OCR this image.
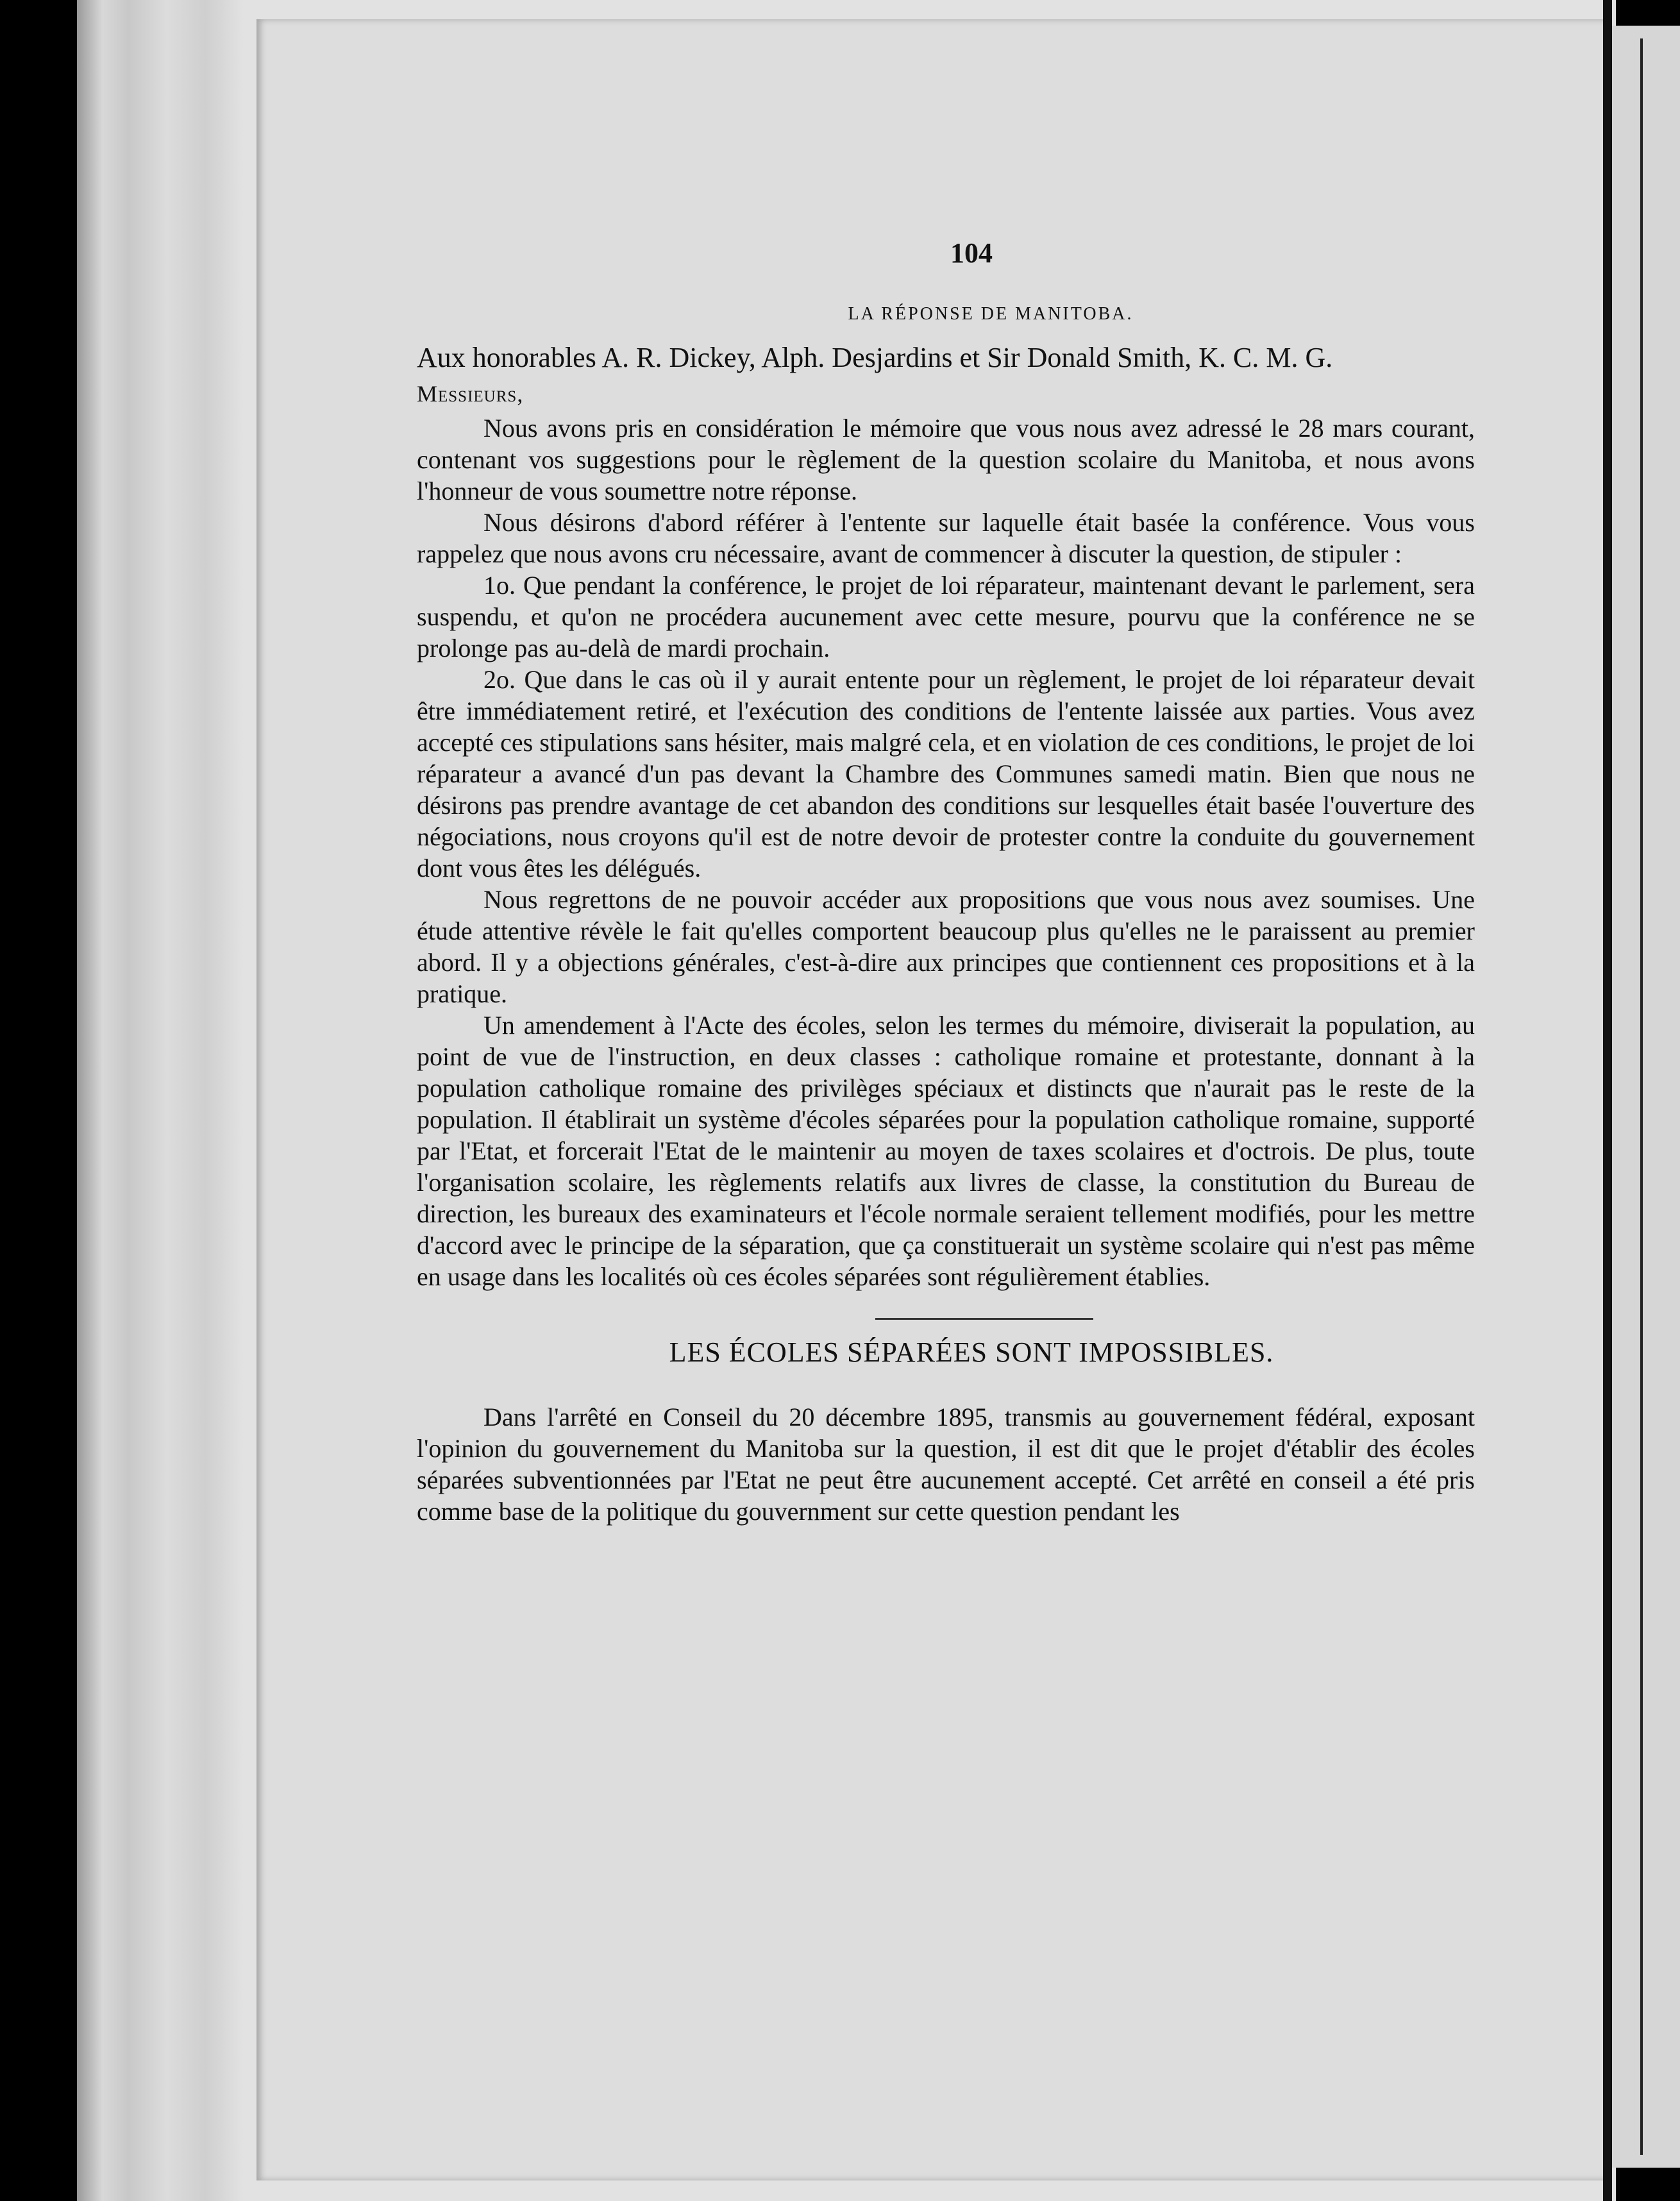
104
LA RÉPONSE DE MANITOBA.

Aux honorables A. R. Dickey, Alph. Desjardins et Sir Donald Smith, K. C. M. G.

Messieurs,

Nous avons pris en considération le mémoire que vous nous avez adressé le 28 mars courant, contenant vos suggestions pour le règlement de la question scolaire du Manitoba, et nous avons l'honneur de vous soumettre notre réponse.

Nous désirons d'abord référer à l'entente sur laquelle était basée la conférence. Vous vous rappelez que nous avons cru nécessaire, avant de commencer à discuter la question, de stipuler :

1o. Que pendant la conférence, le projet de loi réparateur, maintenant devant le parlement, sera suspendu, et qu'on ne procédera aucunement avec cette mesure, pourvu que la conférence ne se prolonge pas au-delà de mardi prochain.

2o. Que dans le cas où il y aurait entente pour un règlement, le projet de loi réparateur devait être immédiatement retiré, et l'exécution des conditions de l'entente laissée aux parties. Vous avez accepté ces stipulations sans hésiter, mais malgré cela, et en violation de ces conditions, le projet de loi réparateur a avancé d'un pas devant la Chambre des Communes samedi matin. Bien que nous ne désirons pas prendre avantage de cet abandon des conditions sur lesquelles était basée l'ouverture des négociations, nous croyons qu'il est de notre devoir de protester contre la conduite du gouvernement dont vous êtes les délégués.

Nous regrettons de ne pouvoir accéder aux propositions que vous nous avez soumises. Une étude attentive révèle le fait qu'elles comportent beaucoup plus qu'elles ne le paraissent au premier abord. Il y a objections générales, c'est-à-dire aux principes que contiennent ces propositions et à la pratique.

Un amendement à l'Acte des écoles, selon les termes du mémoire, diviserait la population, au point de vue de l'instruction, en deux classes : catholique romaine et protestante, donnant à la population catholique romaine des privilèges spéciaux et distincts que n'aurait pas le reste de la population. Il établirait un système d'écoles séparées pour la population catholique romaine, supporté par l'Etat, et forcerait l'Etat de le maintenir au moyen de taxes scolaires et d'octrois. De plus, toute l'organisation scolaire, les règlements relatifs aux livres de classe, la constitution du Bureau de direction, les bureaux des examinateurs et l'école normale seraient tellement modifiés, pour les mettre d'accord avec le principe de la séparation, que ça constituerait un système scolaire qui n'est pas même en usage dans les localités où ces écoles séparées sont régulièrement établies.

LES ÉCOLES SÉPARÉES SONT IMPOSSIBLES.

Dans l'arrêté en Conseil du 20 décembre 1895, transmis au gouvernement fédéral, exposant l'opinion du gouvernement du Manitoba sur la question, il est dit que le projet d'établir des écoles séparées subventionnées par l'Etat ne peut être aucunement accepté. Cet arrêté en conseil a été pris comme base de la politique du gouvernment sur cette question pendant les
